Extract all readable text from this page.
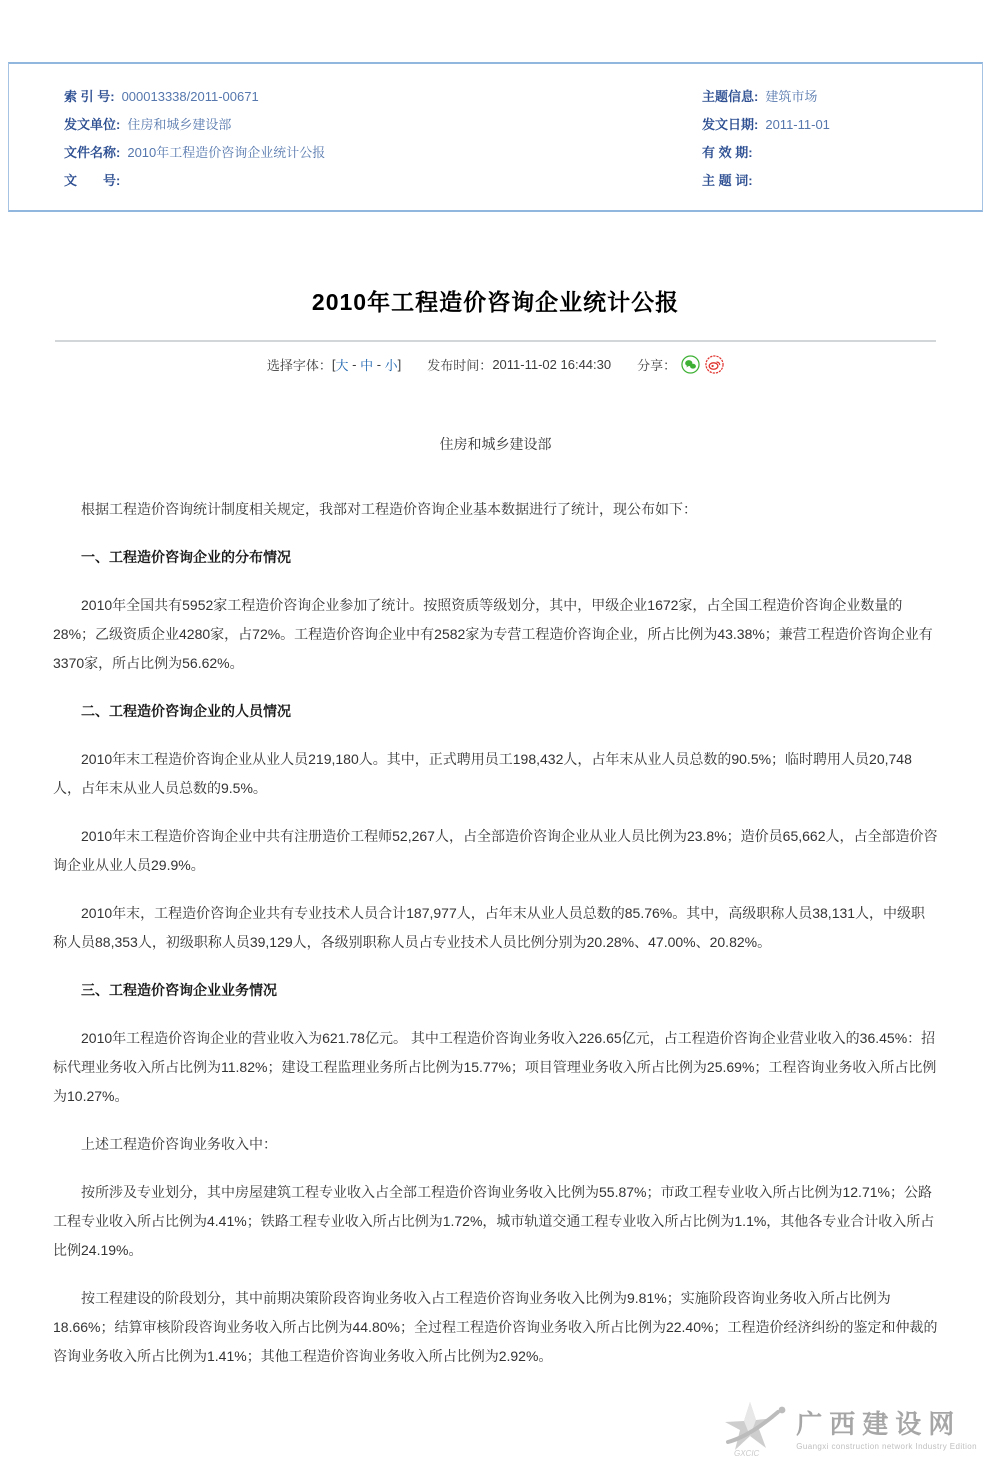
索 引 号: 000013338/2011-00671
发文单位: 住房和城乡建设部
文件名称: 2010年工程造价咨询企业统计公报
文　　号:
主题信息: 建筑市场
发文日期: 2011-11-01
有 效 期:
主 题 词:
2010年工程造价咨询企业统计公报
选择字体：[大 - 中 - 小] 发布时间：2011-11-02 16:44:30 分享：
住房和城乡建设部
根据工程造价咨询统计制度相关规定，我部对工程造价咨询企业基本数据进行了统计，现公布如下：
一、工程造价咨询企业的分布情况
2010年全国共有5952家工程造价咨询企业参加了统计。按照资质等级划分，其中，甲级企业1672家，占全国工程造价咨询企业数量的28%；乙级资质企业4280家，占72%。工程造价咨询企业中有2582家为专营工程造价咨询企业，所占比例为43.38%；兼营工程造价咨询企业有3370家，所占比例为56.62%。
二、工程造价咨询企业的人员情况
2010年末工程造价咨询企业从业人员219,180人。其中，正式聘用员工198,432人，占年末从业人员总数的90.5%；临时聘用人员20,748人，占年末从业人员总数的9.5%。
2010年末工程造价咨询企业中共有注册造价工程师52,267人，占全部造价咨询企业从业人员比例为23.8%；造价员65,662人，占全部造价咨询企业从业人员29.9%。
2010年末，工程造价咨询企业共有专业技术人员合计187,977人，占年末从业人员总数的85.76%。其中，高级职称人员38,131人，中级职称人员88,353人，初级职称人员39,129人，各级别职称人员占专业技术人员比例分别为20.28%、47.00%、20.82%。
三、工程造价咨询企业业务情况
2010年工程造价咨询企业的营业收入为621.78亿元。 其中工程造价咨询业务收入226.65亿元，占工程造价咨询企业营业收入的36.45%：招标代理业务收入所占比例为11.82%；建设工程监理业务所占比例为15.77%；项目管理业务收入所占比例为25.69%；工程咨询业务收入所占比例为10.27%。
上述工程造价咨询业务收入中：
按所涉及专业划分，其中房屋建筑工程专业收入占全部工程造价咨询业务收入比例为55.87%；市政工程专业收入所占比例为12.71%；公路工程专业收入所占比例为4.41%；铁路工程专业收入所占比例为1.72%，城市轨道交通工程专业收入所占比例为1.1%，其他各专业合计收入所占比例24.19%。
按工程建设的阶段划分，其中前期决策阶段咨询业务收入占工程造价咨询业务收入比例为9.81%；实施阶段咨询业务收入所占比例为18.66%；结算审核阶段咨询业务收入所占比例为44.80%；全过程工程造价咨询业务收入所占比例为22.40%；工程造价经济纠纷的鉴定和仲裁的咨询业务收入所占比例为1.41%；其他工程造价咨询业务收入所占比例为2.92%。
GXCIC
广西建设网
Guangxi construction network Industry Edition
